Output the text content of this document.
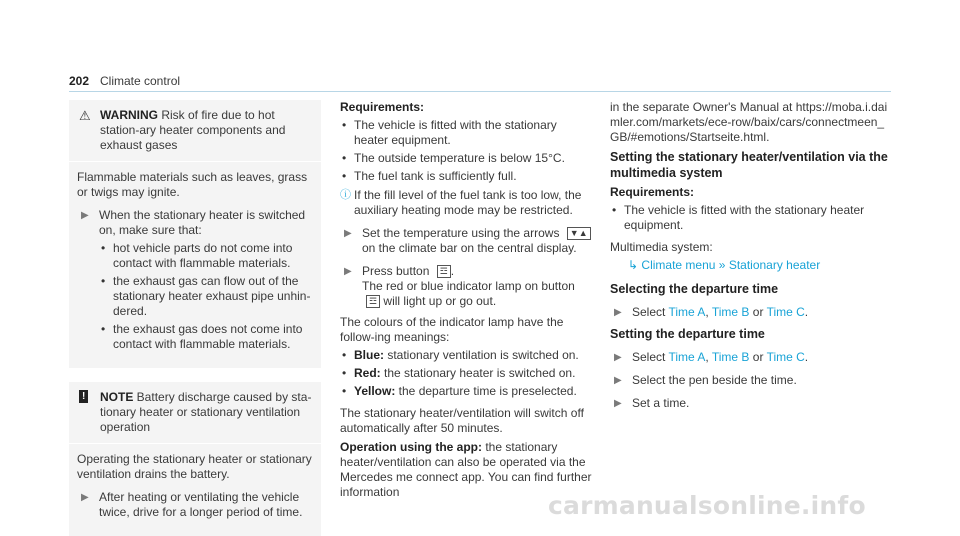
202 Climate control
⚠ WARNING Risk of fire due to hot station-ary heater components and exhaust gases

Flammable materials such as leaves, grass or twigs may ignite.

▶ When the stationary heater is switched on, make sure that:
• hot vehicle parts do not come into contact with flammable materials.
• the exhaust gas can flow out of the stationary heater exhaust pipe unhin-dered.
• the exhaust gas does not come into contact with flammable materials.
! NOTE Battery discharge caused by sta-tionary heater or stationary ventilation operation

Operating the stationary heater or stationary ventilation drains the battery.

▶ After heating or ventilating the vehicle twice, drive for a longer period of time.
Requirements:
• The vehicle is fitted with the stationary heater equipment.
• The outside temperature is below 15°C.
• The fuel tank is sufficiently full.
ⓘ If the fill level of the fuel tank is too low, the auxiliary heating mode may be restricted.
▶ Set the temperature using the arrows ▼▲ on the climate bar on the central display.
▶ Press button ☲ .
The red or blue indicator lamp on button ☲ will light up or go out.

The colours of the indicator lamp have the follow-ing meanings:

• Blue: stationary ventilation is switched on.
• Red: the stationary heater is switched on.
• Yellow: the departure time is preselected.

The stationary heater/ventilation will switch off automatically after 50 minutes.

Operation using the app: the stationary heater/ventilation can also be operated via the Mercedes me connect app. You can find further information

in the separate Owner's Manual at https://moba.i.daimler.com/markets/ece-row/baix/cars/connectmeen_GB/#emotions/Startseite.html.

Setting the stationary heater/ventilation via the multimedia system
Requirements:
• The vehicle is fitted with the stationary heater equipment.

Multimedia system:

↳ Climate menu » Stationary heater

Selecting the departure time
▶ Select Time A, Time B or Time C.
Setting the departure time
▶ Select Time A, Time B or Time C.
▶ Select the pen beside the time.
▶ Set a time.
carmanualsonline.info
